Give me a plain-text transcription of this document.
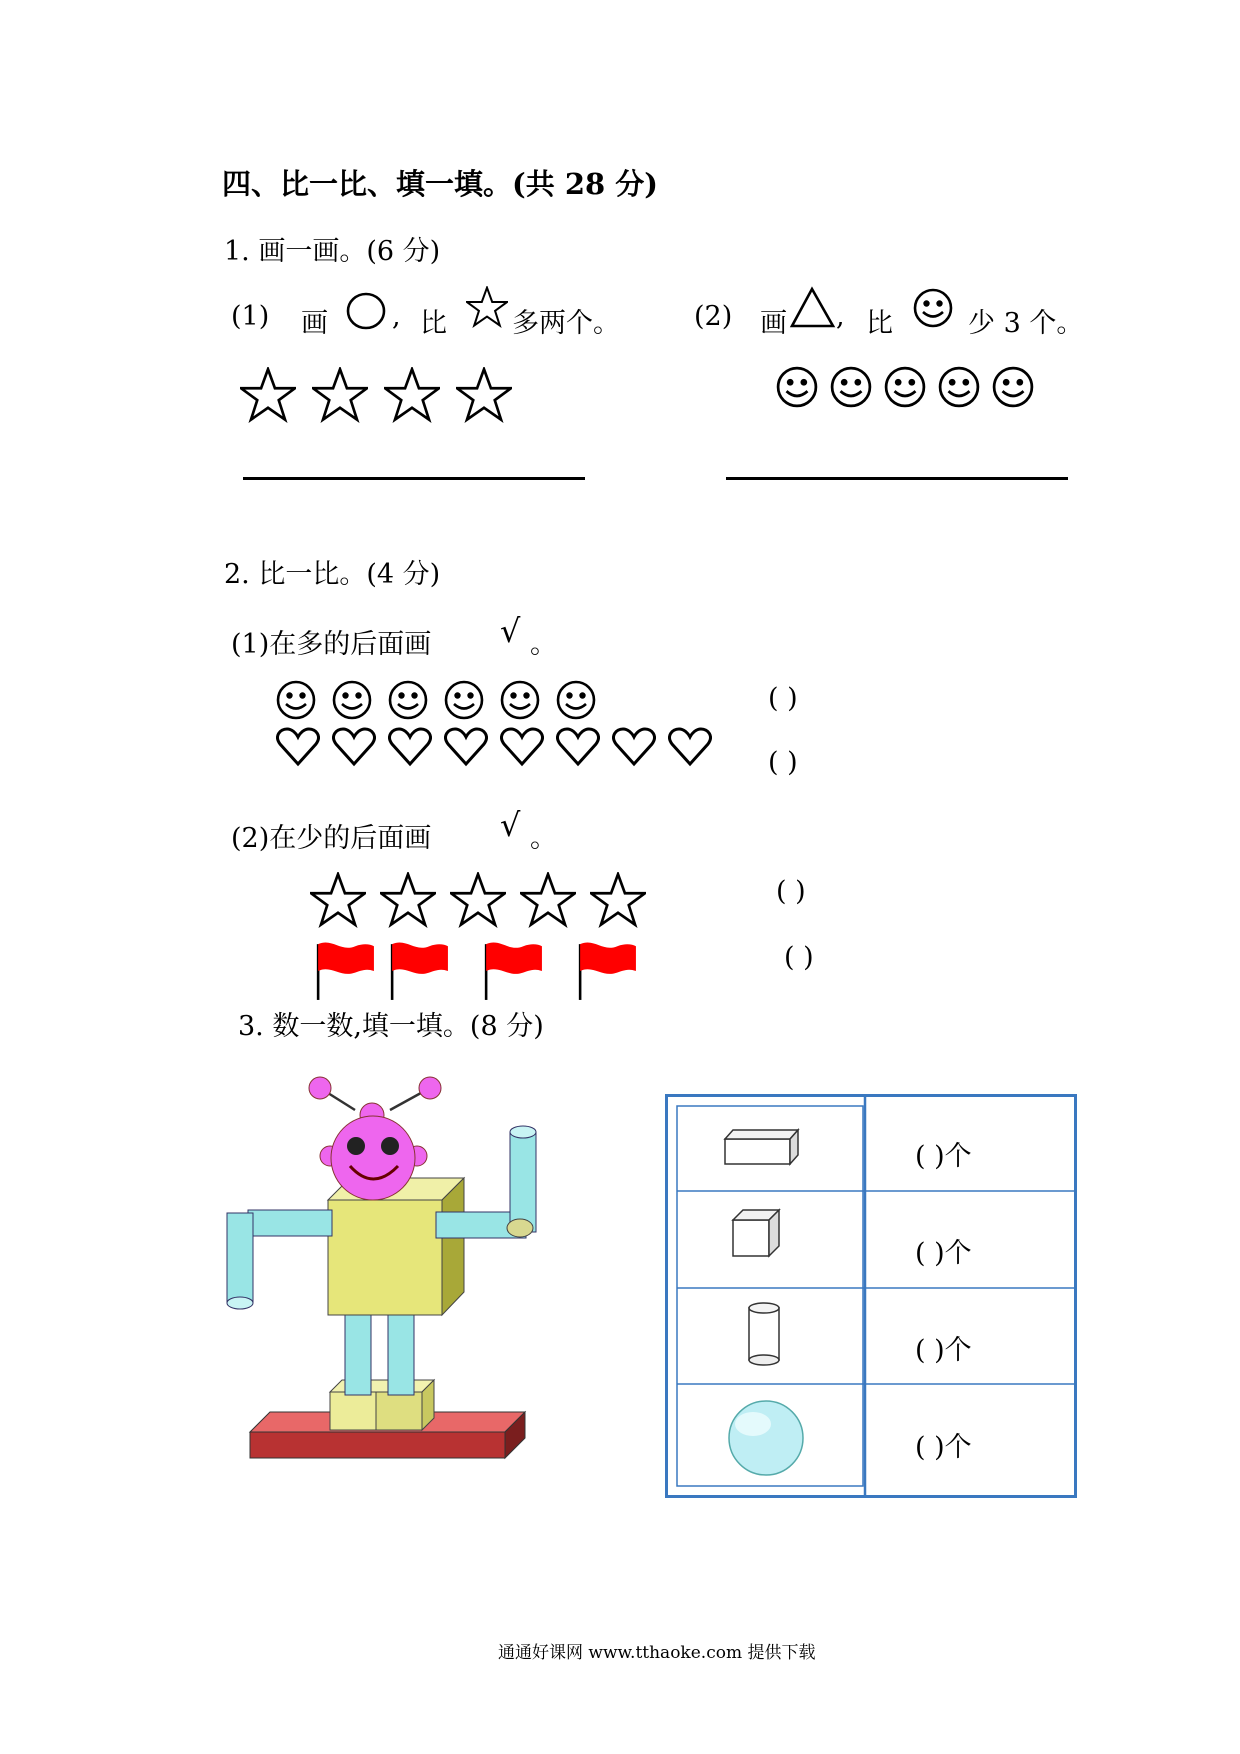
四、比一比、填一填。(共 28 分)
1. 画一画。(6 分)
(1) 画 , 比 多两个。	(2) 画 , 比	少 3 个。
2. 比一比。(4 分)
(1)在多的后面画 √ 。
( )
( )
(2)在少的后面画 √ 。
( )
( )
3. 数一数,填一填。(8 分)
( )个
( )个
( )个
( )个
通通好课网 www.tthaoke.com 提供下载
